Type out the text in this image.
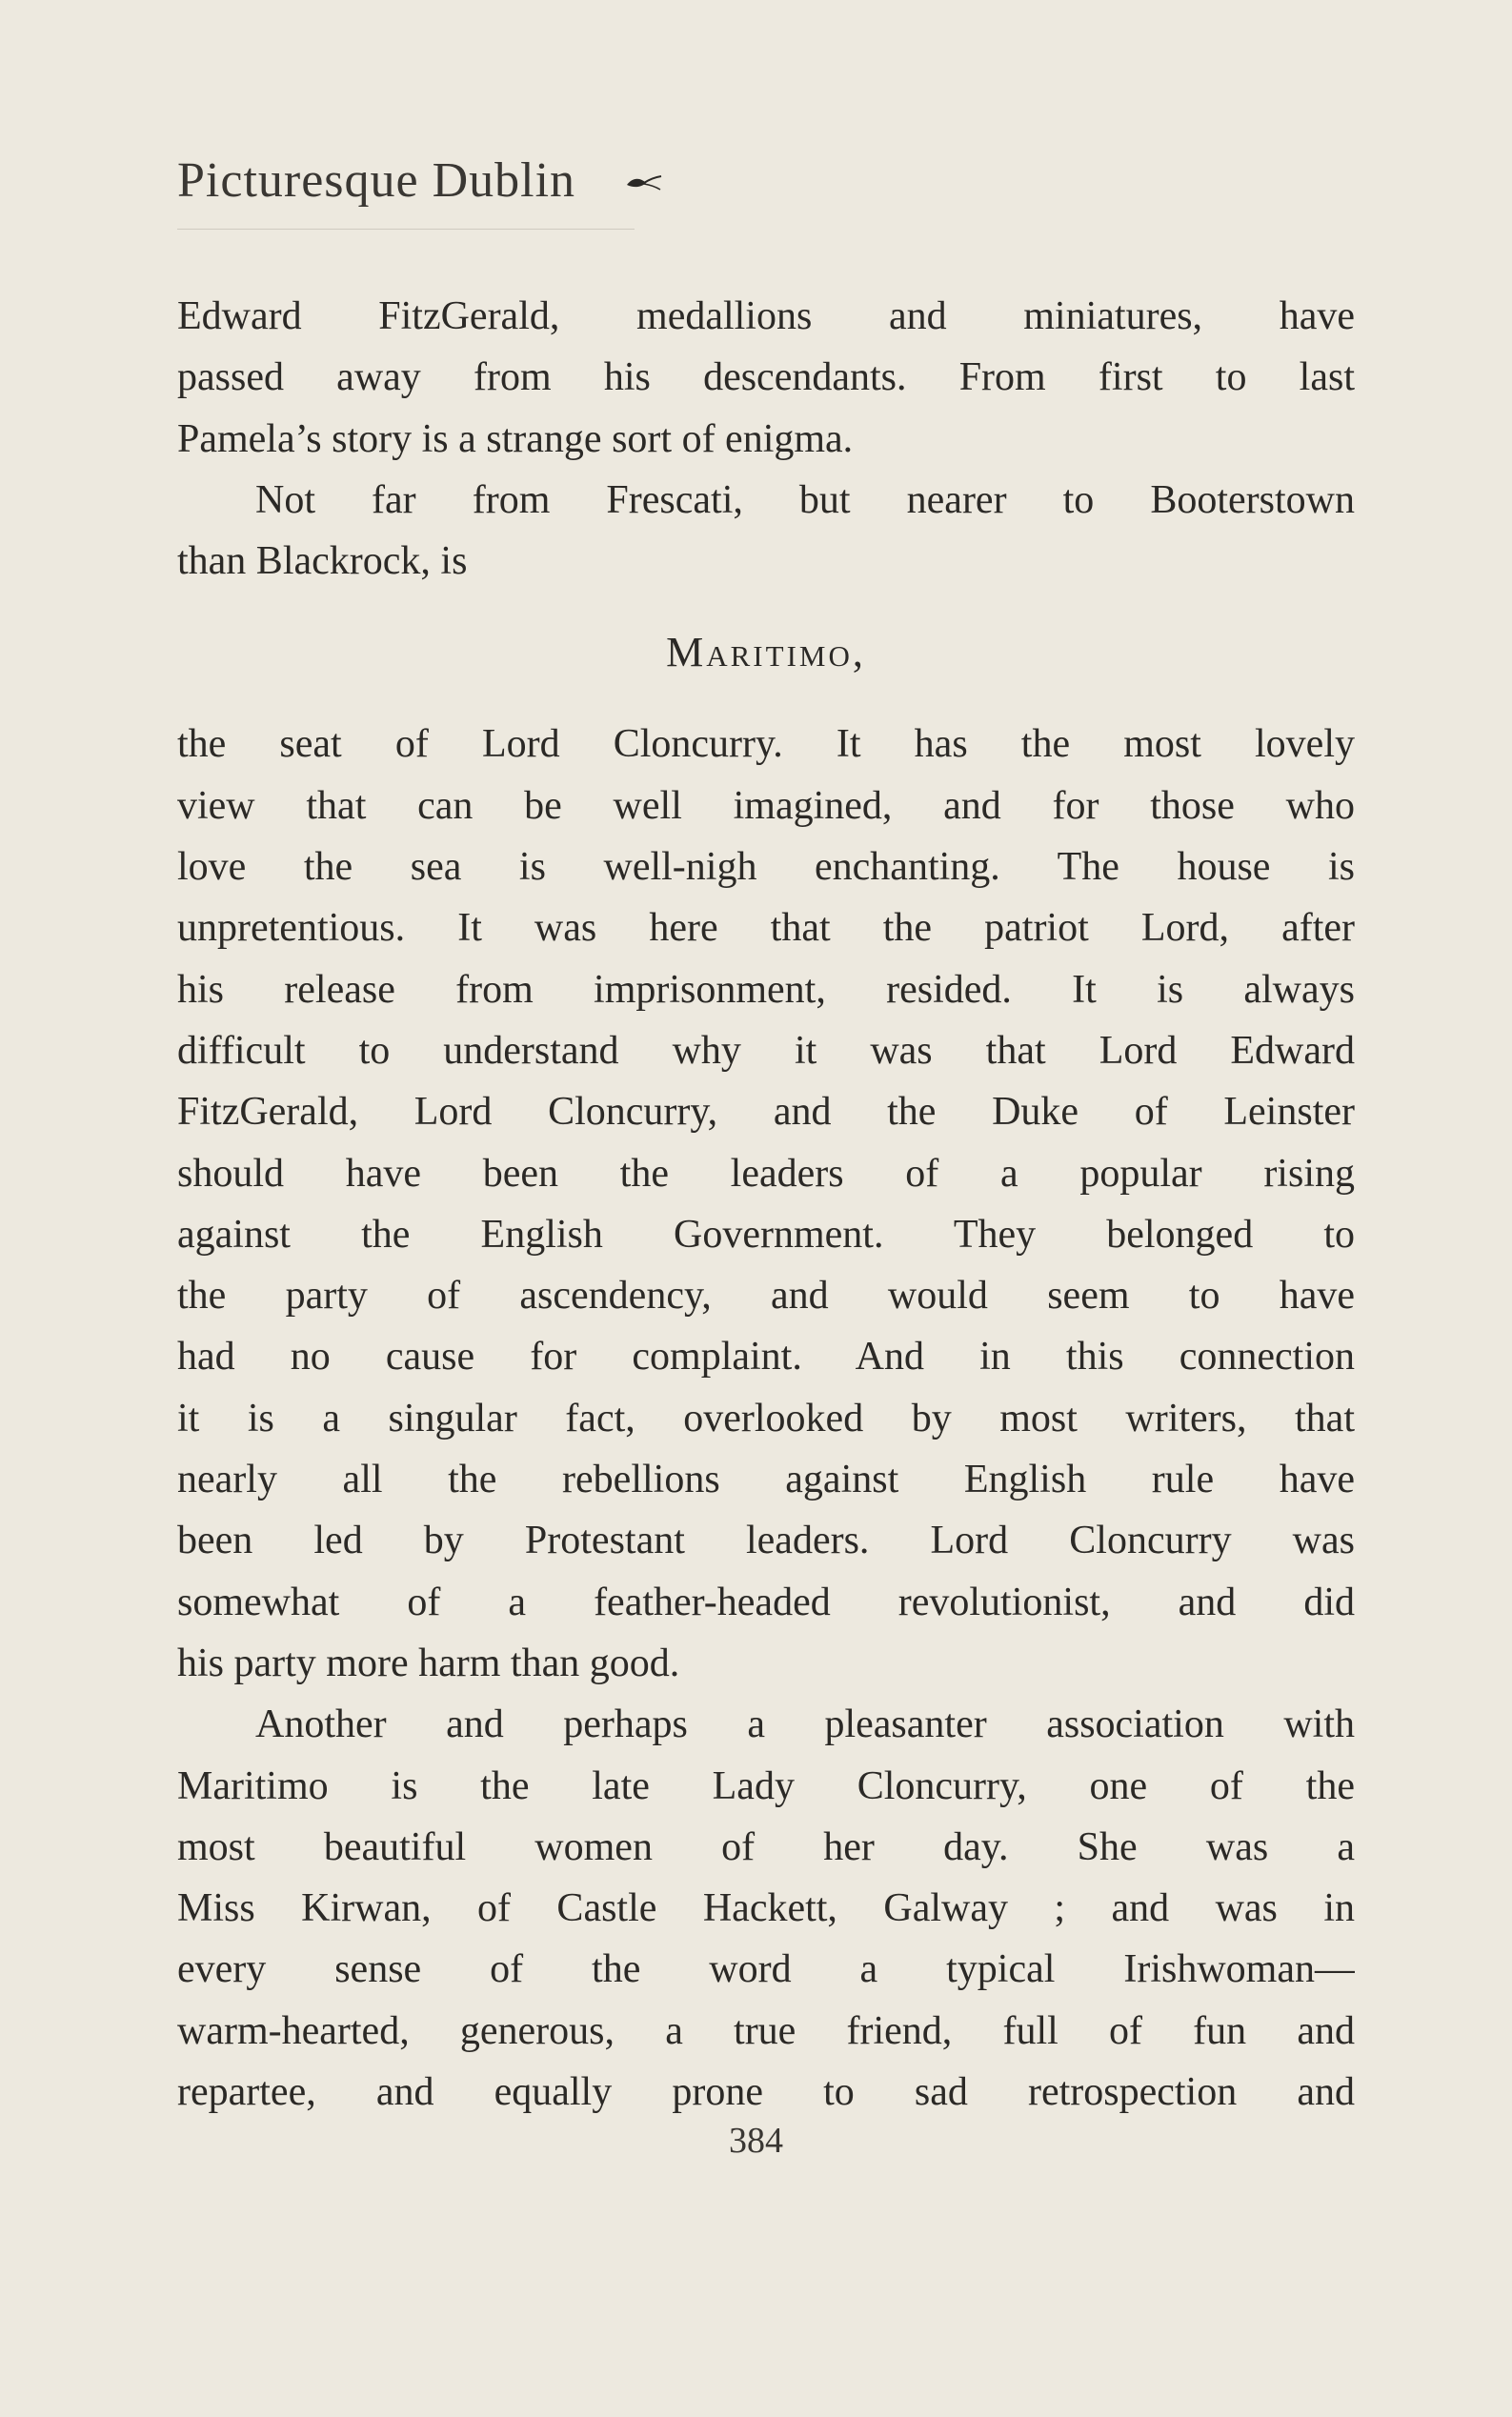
Picturesque Dublin
Edward FitzGerald, medallions and miniatures, have
passed away from his descendants. From first to last
Pamela’s story is a strange sort of enigma.
Not far from Frescati, but nearer to Booterstown
than Blackrock, is
Maritimo,
the seat of Lord Cloncurry. It has the most lovely
view that can be well imagined, and for those who
love the sea is well-nigh enchanting. The house is
unpretentious. It was here that the patriot Lord, after
his release from imprisonment, resided. It is always
difficult to understand why it was that Lord Edward
FitzGerald, Lord Cloncurry, and the Duke of Leinster
should have been the leaders of a popular rising
against the English Government. They belonged to
the party of ascendency, and would seem to have
had no cause for complaint. And in this connection
it is a singular fact, overlooked by most writers, that
nearly all the rebellions against English rule have
been led by Protestant leaders. Lord Cloncurry was
somewhat of a feather-headed revolutionist, and did
his party more harm than good.
Another and perhaps a pleasanter association with
Maritimo is the late Lady Cloncurry, one of the
most beautiful women of her day. She was a
Miss Kirwan, of Castle Hackett, Galway ; and was in
every sense of the word a typical Irishwoman—
warm-hearted, generous, a true friend, full of fun and
repartee, and equally prone to sad retrospection and
384
